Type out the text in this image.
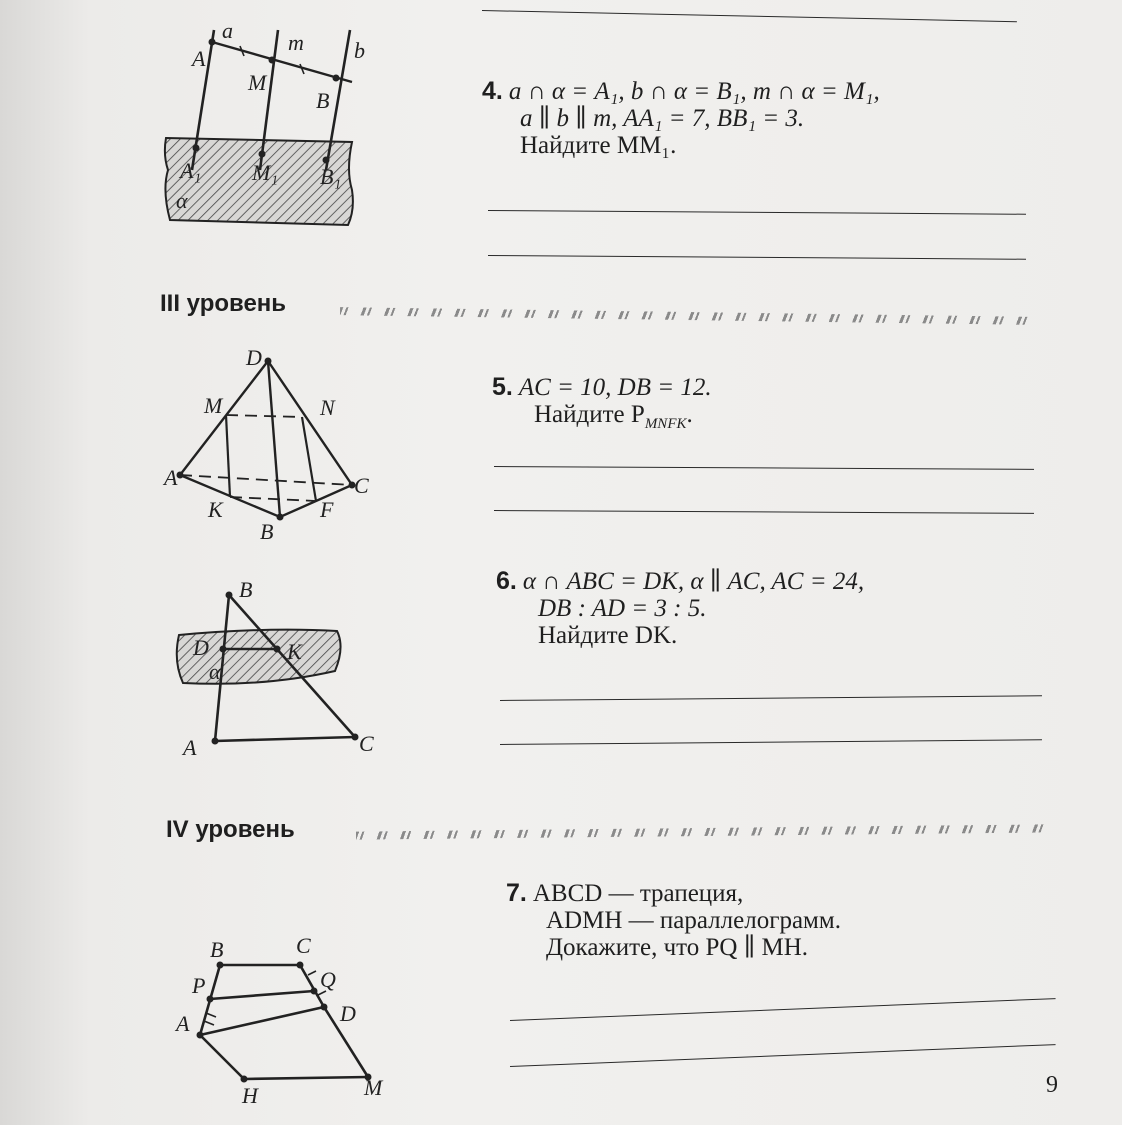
a	m b
A
M
B
A₁ M₁ B₁
α
4. a ∩ α = A₁, b ∩ α = B₁, m ∩ α = M₁,
a ∥ b ∥ m, AA₁ = 7, BB₁ = 3.
Найдите MM₁.
III уровень
D
M	N
A	C
K	F
B
5. AC = 10, DB = 12.
Найдите $P_{MNFK}$.
B
D	K
α
A	C
6. α ∩ ABC = DK, α ∥ AC, AC = 24,
DB : AD = 3 : 5.
Найдите DK.
IV уровень
B	C
P	Q
A	D
H	M
7. ABCD — трапеция,
ADMH — параллелограмм.
Докажите, что PQ ∥ MH.
9
